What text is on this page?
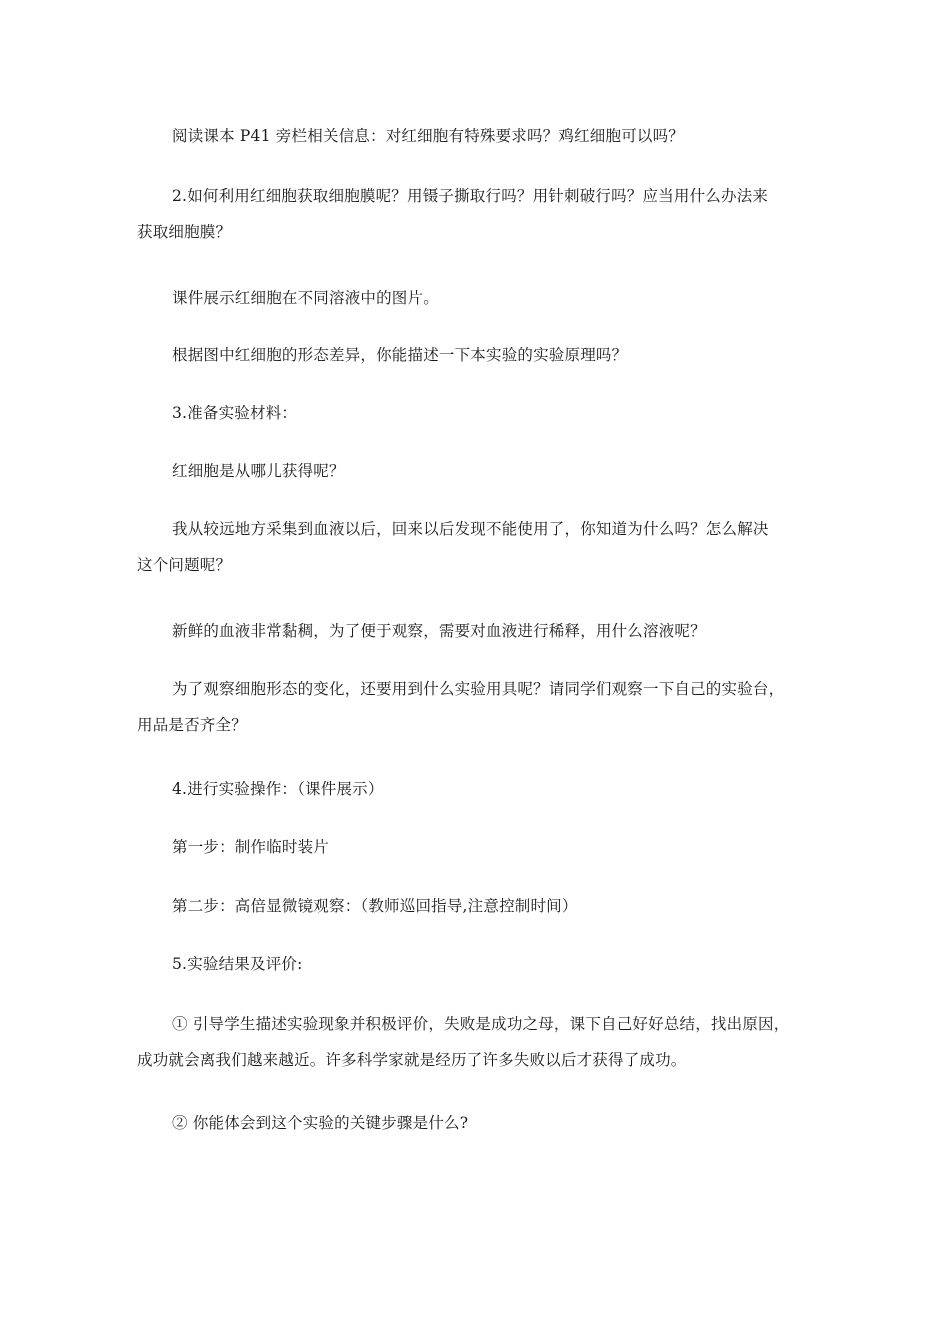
阅读课本 P41 旁栏相关信息：对红细胞有特殊要求吗？鸡红细胞可以吗？

2.如何利用红细胞获取细胞膜呢？用镊子撕取行吗？用针刺破行吗？应当用什么办法来
获取细胞膜？

课件展示红细胞在不同溶液中的图片。

根据图中红细胞的形态差异，你能描述一下本实验的实验原理吗？

3.准备实验材料：

红细胞是从哪儿获得呢？

我从较远地方采集到血液以后，回来以后发现不能使用了，你知道为什么吗？怎么解决
这个问题呢？

新鲜的血液非常黏稠，为了便于观察，需要对血液进行稀释，用什么溶液呢？

为了观察细胞形态的变化，还要用到什么实验用具呢？请同学们观察一下自己的实验台，
用品是否齐全？

4.进行实验操作：（课件展示）

第一步：制作临时装片

第二步：高倍显微镜观察：（教师巡回指导,注意控制时间）

5.实验结果及评价:

① 引导学生描述实验现象并积极评价，失败是成功之母，课下自己好好总结，找出原因，
成功就会离我们越来越近。许多科学家就是经历了许多失败以后才获得了成功。

② 你能体会到这个实验的关键步骤是什么?
